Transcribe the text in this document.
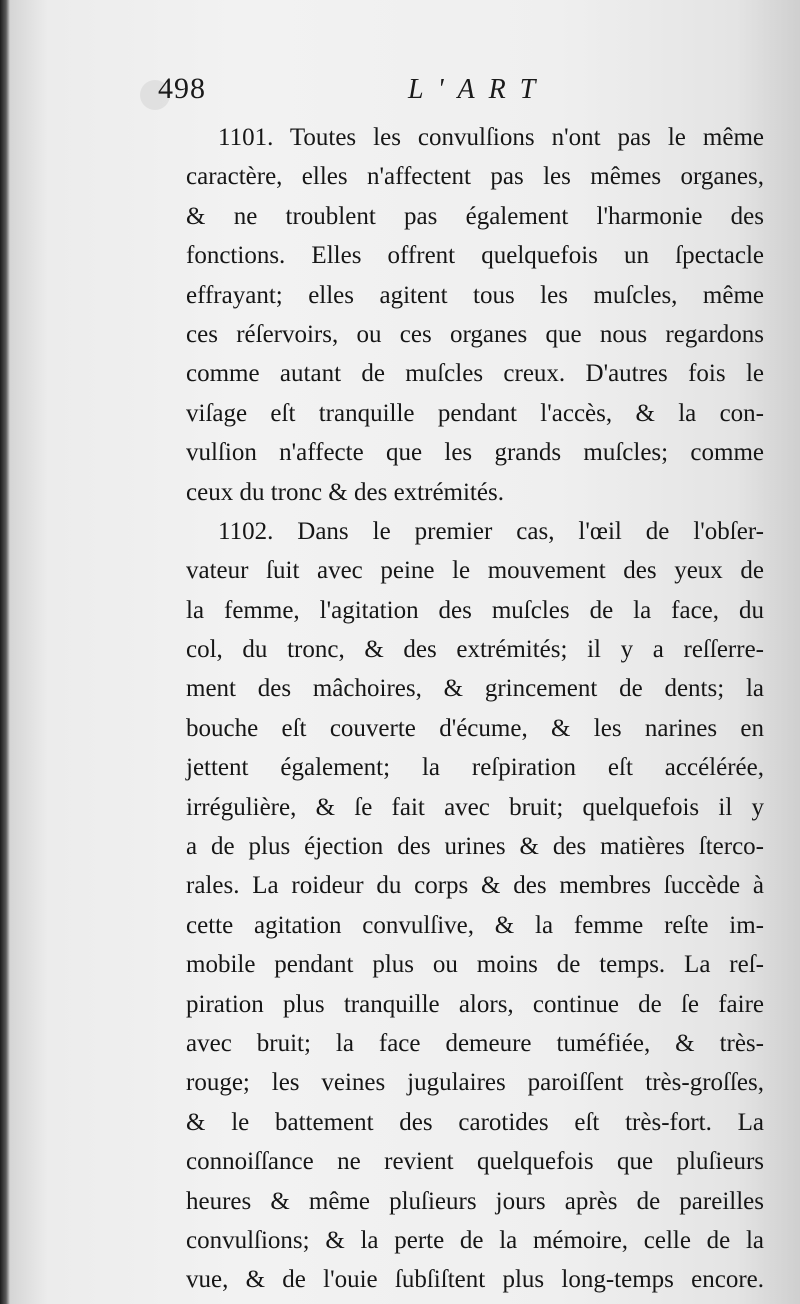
498	L'ART
1101. Toutes les convulſions n'ont pas le même
caractère, elles n'affectent pas les mêmes organes,
& ne troublent pas également l'harmonie des
fonctions. Elles offrent quelquefois un ſpectacle
effrayant; elles agitent tous les muſcles, même
ces réſervoirs, ou ces organes que nous regardons
comme autant de muſcles creux. D'autres fois le
viſage eſt tranquille pendant l'accès, & la con-
vulſion n'affecte que les grands muſcles; comme
ceux du tronc & des extrémités.
1102. Dans le premier cas, l'œil de l'obſer-
vateur ſuit avec peine le mouvement des yeux de
la femme, l'agitation des muſcles de la face, du
col, du tronc, & des extrémités; il y a reſſerre-
ment des mâchoires, & grincement de dents; la
bouche eſt couverte d'écume, & les narines en
jettent également; la reſpiration eſt accélérée,
irrégulière, & ſe fait avec bruit; quelquefois il y
a de plus éjection des urines & des matières ſterco-
rales. La roideur du corps & des membres ſuccède à
cette agitation convulſive, & la femme reſte im-
mobile pendant plus ou moins de temps. La reſ-
piration plus tranquille alors, continue de ſe faire
avec bruit; la face demeure tuméfiée, & très-
rouge; les veines jugulaires paroiſſent très-groſſes,
& le battement des carotides eſt très-fort. La
connoiſſance ne revient quelquefois que pluſieurs
heures & même pluſieurs jours après de pareilles
convulſions; & la perte de la mémoire, celle de la
vue, & de l'ouie ſubſiſtent plus long-temps encore.
